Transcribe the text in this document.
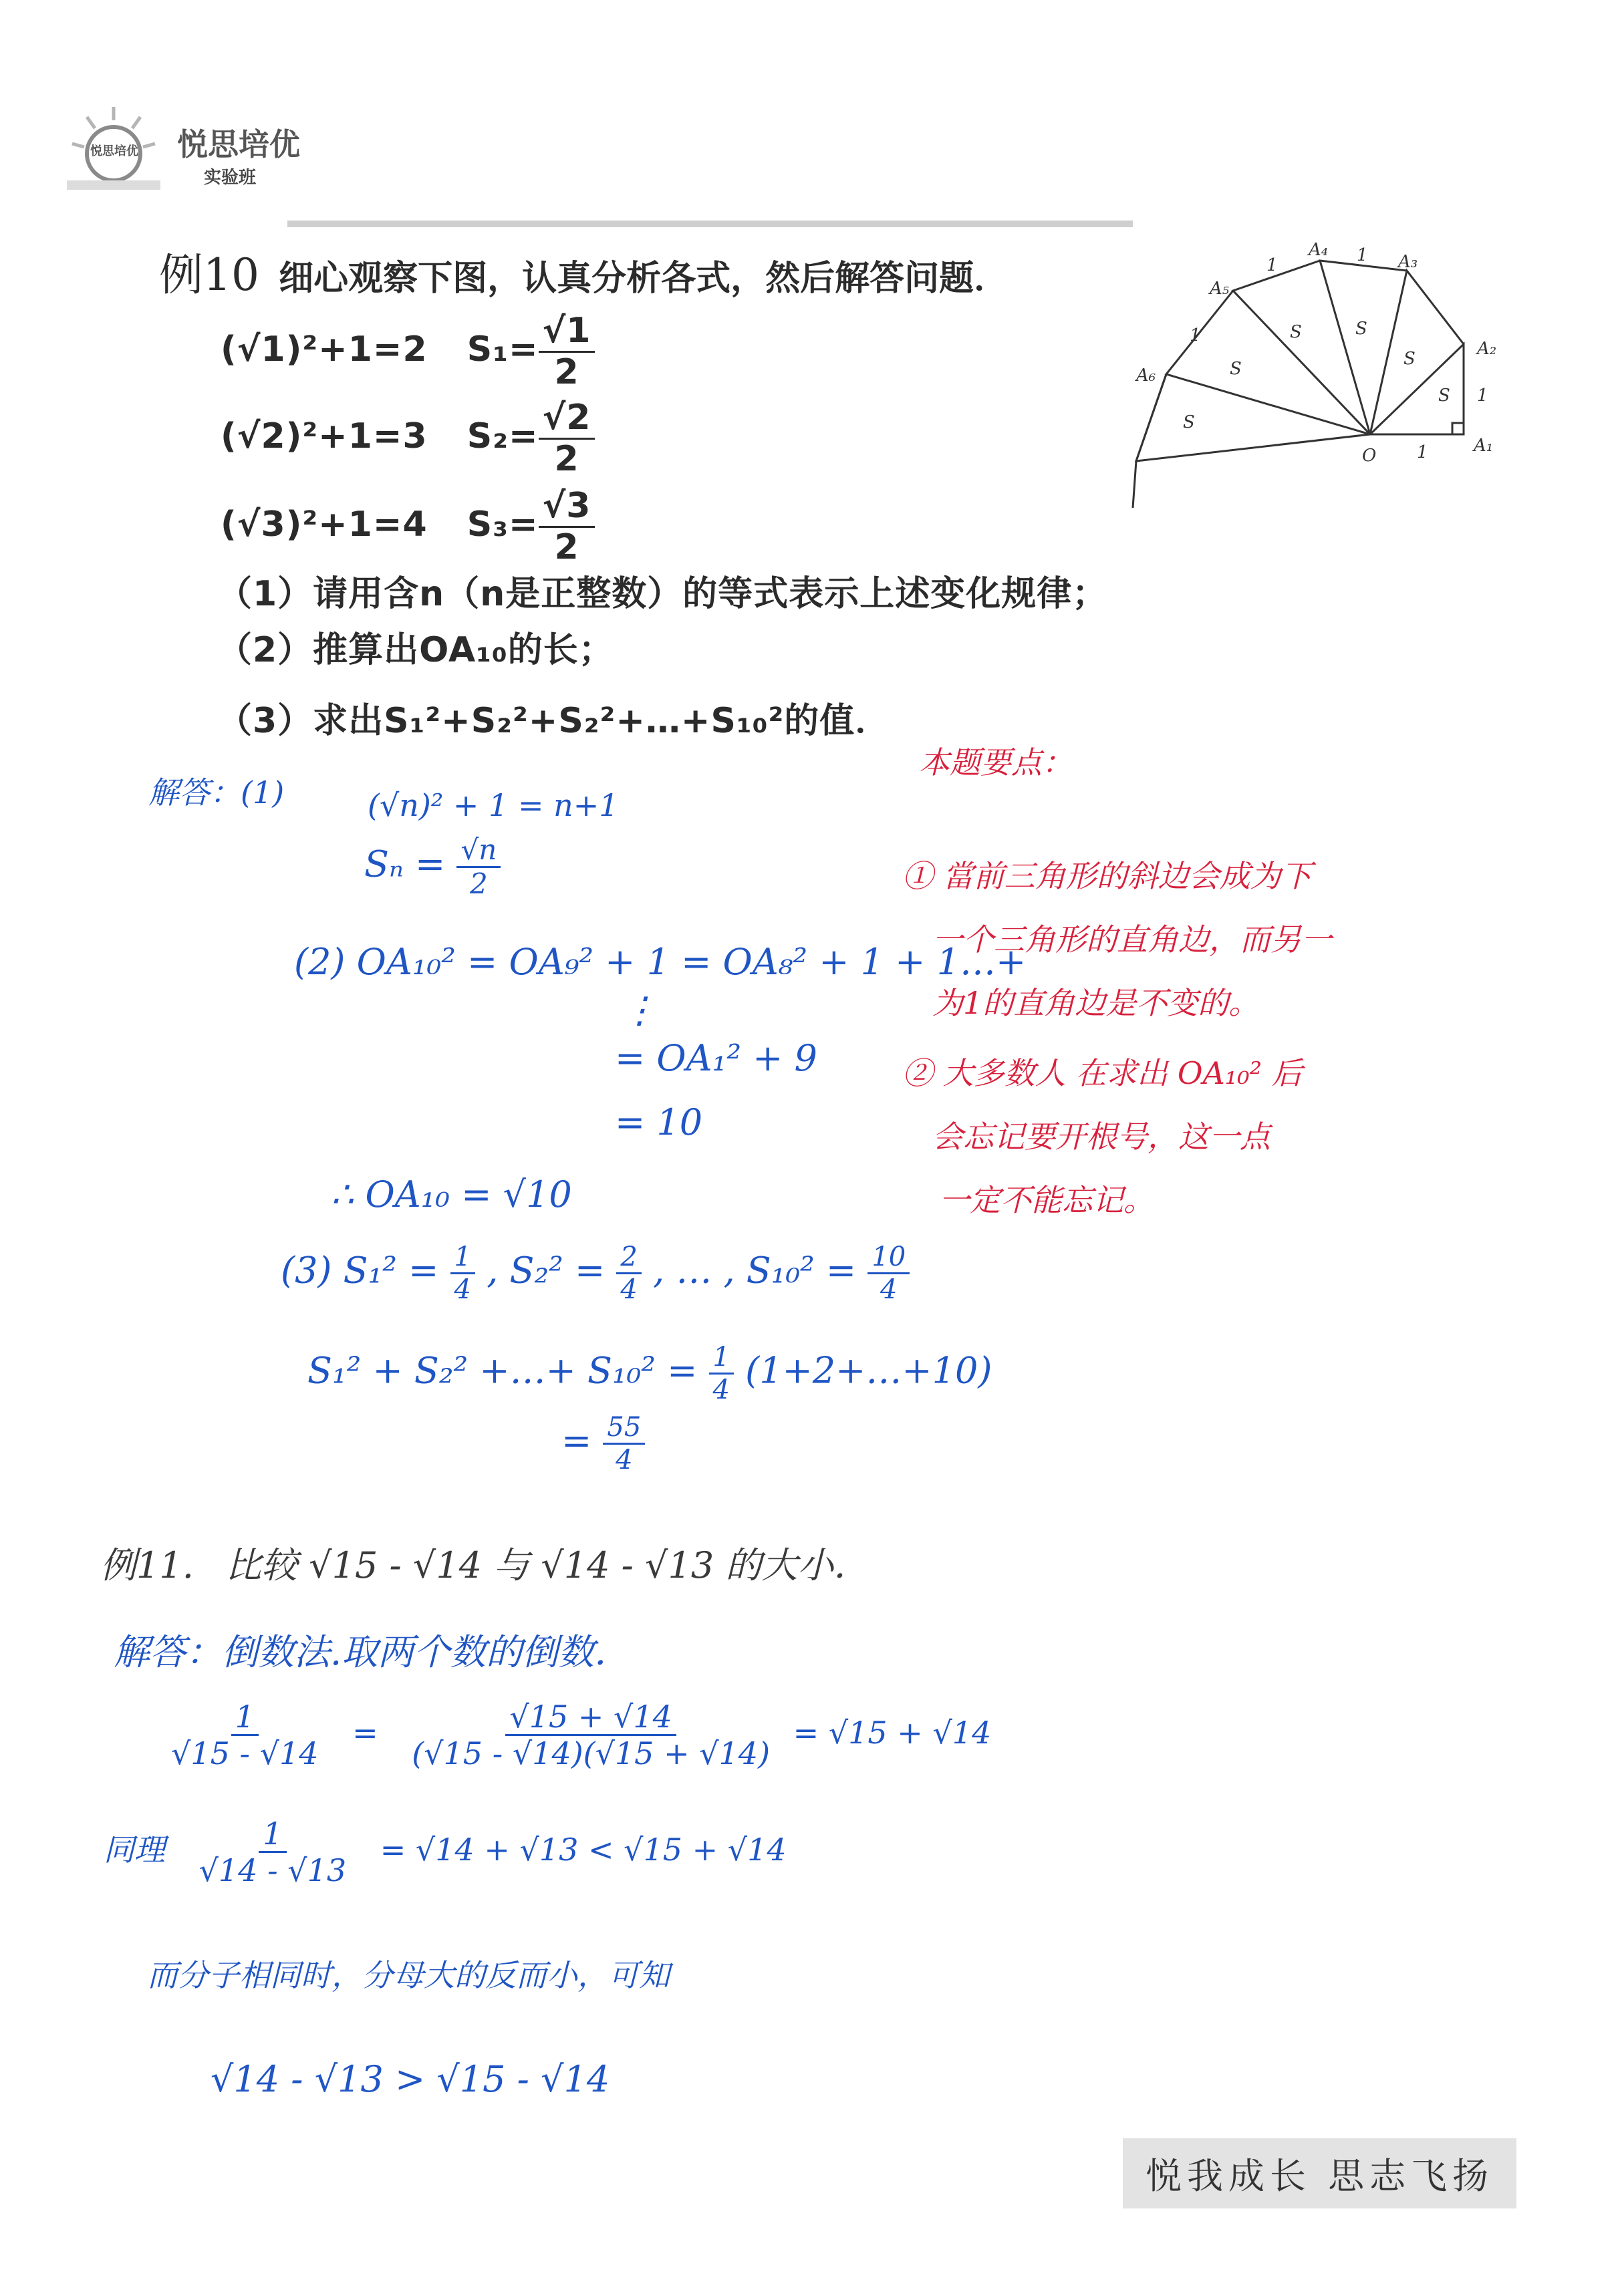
悦思培优 悦思培优
实验班
例10 细心观察下图，认真分析各式，然后解答问题．
(√1)²+1=2 $S_1= \frac{√1}{2}$
(√2)²+1=3 $S_2= \frac{√2}{2}$
(√3)²+1=4 $S_3= \frac{√3}{2}$
（1）请用含n（n是正整数）的等式表示上述变化规律；
（2）推算出OA₁₀的长；
（3）求出S₁²+S₂²+S₂²+…+S₁₀²的值．
O	A₁
A₂
A₃
A₄
A₅
A₆
1
1
1
1
1
S
S
S
S
S
S
解答：(1)	(√n)² + 1 = n+1
$S_n = \frac{√n}{2}$
(2) OA₁₀² = OA₉² + 1 = OA₈² + 1 + 1…+
⋮
= OA₁² + 9
= 10
∴ OA₁₀ = √10
(3) $S_1^2 = \frac{1}{4}$ , $S_2^2 = \frac{2}{4}$ , … , $S_{10}^2 = \frac{10}{4}$
S₁² + S₂² +…+ $S_{10}^2 = \frac{1}{4}$ (1+2+…+10)
= $\frac{55}{4}$
本题要点：
① 當前三角形的斜边会成为下
一个三角形的直角边，而另一
为1的直角边是不变的。
② 大多数人 在求出 OA₁₀² 后
会忘记要开根号，这一点
一定不能忘记。
例11. 比较 √15 - √14 与 √14 - √13 的大小．
解答：倒数法.取两个数的倒数．
$\frac{1}{√15 - √14} = \frac{√15 + √14}{(√15 - √14)(√15 + √14)} = √15 + √14$
同理 $\frac{1}{√14 - √13} = √14 + √13 < √15 + √14$
而分子相同时，分母大的反而小，可知
√14 - √13 > √15 - √14
悦我成长 思志飞扬
